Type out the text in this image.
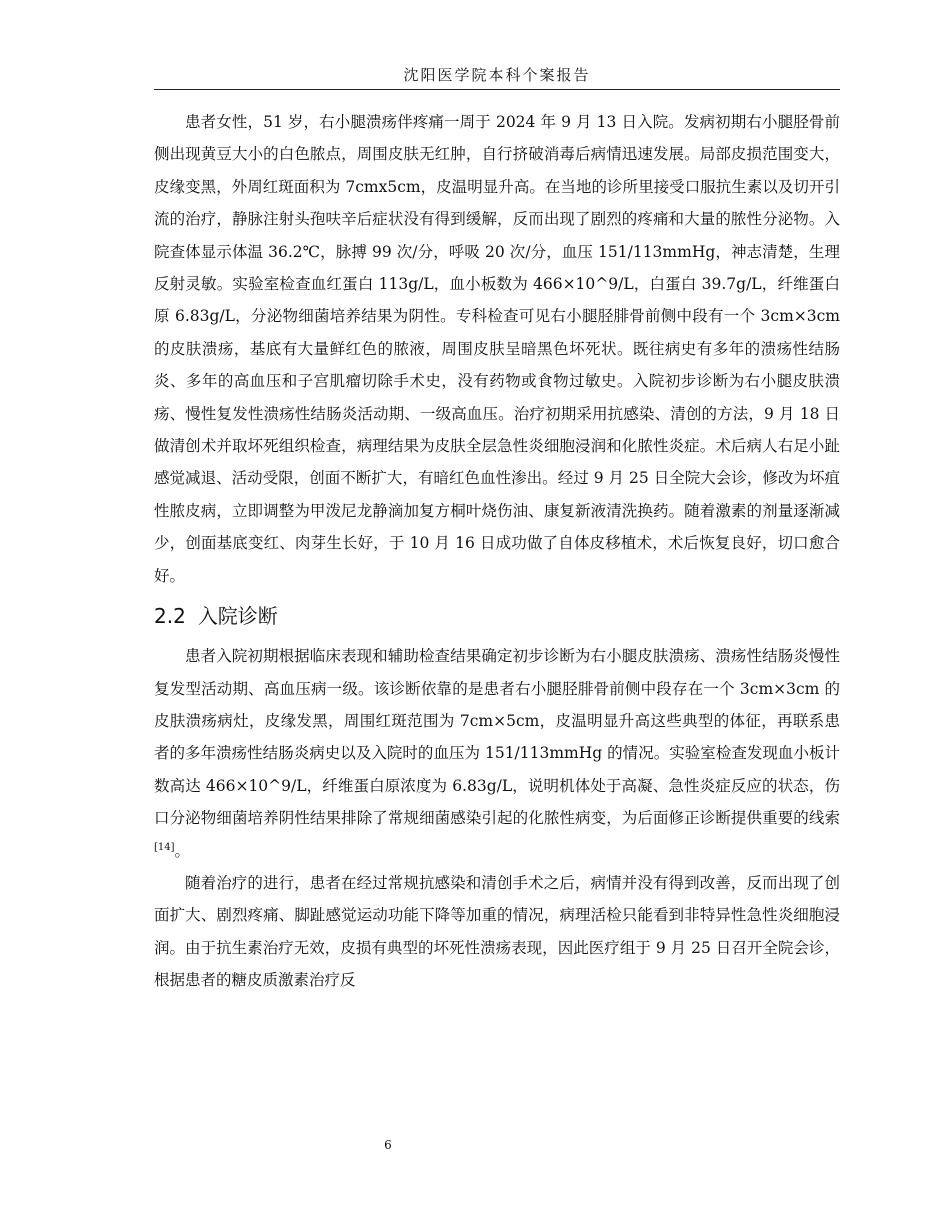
沈阳医学院本科个案报告

患者女性，51 岁，右小腿溃疡伴疼痛一周于 2024 年 9 月 13 日入院。发病初期右小腿胫骨前侧出现黄豆大小的白色脓点，周围皮肤无红肿，自行挤破消毒后病情迅速发展。局部皮损范围变大，皮缘变黑，外周红斑面积为 7cmx5cm，皮温明显升高。在当地的诊所里接受口服抗生素以及切开引流的治疗，静脉注射头孢呋辛后症状没有得到缓解，反而出现了剧烈的疼痛和大量的脓性分泌物。入院查体显示体温 36.2℃，脉搏 99 次/分，呼吸 20 次/分，血压 151/113mmHg，神志清楚，生理反射灵敏。实验室检查血红蛋白 113g/L，血小板数为 466×10^9/L，白蛋白 39.7g/L，纤维蛋白原 6.83g/L，分泌物细菌培养结果为阴性。专科检查可见右小腿胫腓骨前侧中段有一个 3cm×3cm 的皮肤溃疡，基底有大量鲜红色的脓液，周围皮肤呈暗黑色坏死状。既往病史有多年的溃疡性结肠炎、多年的高血压和子宫肌瘤切除手术史，没有药物或食物过敏史。入院初步诊断为右小腿皮肤溃疡、慢性复发性溃疡性结肠炎活动期、一级高血压。治疗初期采用抗感染、清创的方法，9 月 18 日做清创术并取坏死组织检查，病理结果为皮肤全层急性炎细胞浸润和化脓性炎症。术后病人右足小趾感觉减退、活动受限，创面不断扩大，有暗红色血性渗出。经过 9 月 25 日全院大会诊，修改为坏疽性脓皮病，立即调整为甲泼尼龙静滴加复方桐叶烧伤油、康复新液清洗换药。随着激素的剂量逐渐减少，创面基底变红、肉芽生长好，于 10 月 16 日成功做了自体皮移植术，术后恢复良好，切口愈合好。

2.2 入院诊断

患者入院初期根据临床表现和辅助检查结果确定初步诊断为右小腿皮肤溃疡、溃疡性结肠炎慢性复发型活动期、高血压病一级。该诊断依靠的是患者右小腿胫腓骨前侧中段存在一个 3cm×3cm 的皮肤溃疡病灶，皮缘发黑，周围红斑范围为 7cm×5cm，皮温明显升高这些典型的体征，再联系患者的多年溃疡性结肠炎病史以及入院时的血压为 151/113mmHg 的情况。实验室检查发现血小板计数高达 466×10^9/L，纤维蛋白原浓度为 6.83g/L，说明机体处于高凝、急性炎症反应的状态，伤口分泌物细菌培养阴性结果排除了常规细菌感染引起的化脓性病变，为后面修正诊断提供重要的线索[14]。

随着治疗的进行，患者在经过常规抗感染和清创手术之后，病情并没有得到改善，反而出现了创面扩大、剧烈疼痛、脚趾感觉运动功能下降等加重的情况，病理活检只能看到非特异性急性炎细胞浸润。由于抗生素治疗无效，皮损有典型的坏死性溃疡表现，因此医疗组于 9 月 25 日召开全院会诊，根据患者的糖皮质激素治疗反

6
